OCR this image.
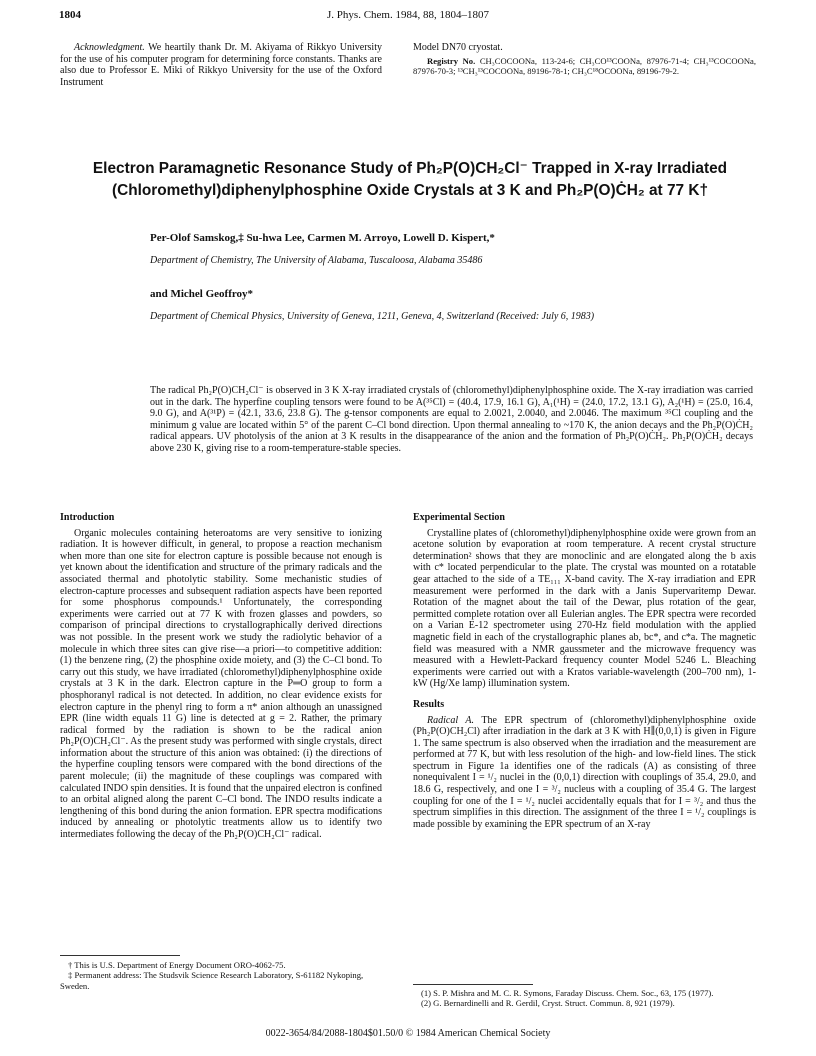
1804	J. Phys. Chem. 1984, 88, 1804–1807

Acknowledgment. We heartily thank Dr. M. Akiyama of Rikkyo University for the use of his computer program for determining force constants. Thanks are also due to Professor E. Miki of Rikkyo University for the use of the Oxford Instrument

Model DN70 cryostat.

Registry No. CH₃COCOONa, 113-24-6; CH₃CO¹³COONa, 87976-71-4; CH₃¹³COCOONa, 87976-70-3; ¹³CH₃¹³COCOONa, 89196-78-1; CH₃C¹⁸OCOONa, 89196-79-2.

Electron Paramagnetic Resonance Study of Ph₂P(O)CH₂Cl⁻ Trapped in X-ray Irradiated
(Chloromethyl)diphenylphosphine Oxide Crystals at 3 K and Ph₂P(O)ĊH₂ at 77 K†
Per-Olof Samskog,‡ Su-hwa Lee, Carmen M. Arroyo, Lowell D. Kispert,*
Department of Chemistry, The University of Alabama, Tuscaloosa, Alabama 35486
and Michel Geoffroy*
Department of Chemical Physics, University of Geneva, 1211, Geneva, 4, Switzerland (Received: July 6, 1983)
The radical Ph₂P(O)CH₂Cl⁻ is observed in 3 K X-ray irradiated crystals of (chloromethyl)diphenylphosphine oxide. The X-ray irradiation was carried out in the dark. The hyperfine coupling tensors were found to be A(³⁵Cl) = (40.4, 17.9, 16.1 G), A₁(¹H) = (24.0, 17.2, 13.1 G), A₂(¹H) = (25.0, 16.4, 9.0 G), and A(³¹P) = (42.1, 33.6, 23.8 G). The g-tensor components are equal to 2.0021, 2.0040, and 2.0046. The maximum ³⁵Cl coupling and the minimum g value are located within 5° of the parent C–Cl bond direction. Upon thermal annealing to ~170 K, the anion decays and the Ph₂P(O)ĊH₂ radical appears. UV photolysis of the anion at 3 K results in the disappearance of the anion and the formation of Ph₂P(O)ĊH₂. Ph₂P(O)ĊH₂ decays above 230 K, giving rise to a room-temperature-stable species.

Introduction

Organic molecules containing heteroatoms are very sensitive to ionizing radiation. It is however difficult, in general, to propose a reaction mechanism when more than one site for electron capture is possible because not enough is yet known about the identification and structure of the primary radicals and the associated thermal and photolytic stability. Some mechanistic studies of electron-capture processes and subsequent radiation aspects have been reported for some phosphorus compounds.¹ Unfortunately, the corresponding experiments were carried out at 77 K with frozen glasses and powders, so comparison of principal directions to crystallographically derived directions was not possible. In the present work we study the radiolytic behavior of a molecule in which three sites can give rise—a priori—to competitive addition: (1) the benzene ring, (2) the phosphine oxide moiety, and (3) the C–Cl bond. To carry out this study, we have irradiated (chloromethyl)diphenylphosphine oxide crystals at 3 K in the dark. Electron capture in the P═O group to form a phosphoranyl radical is not detected. In addition, no clear evidence exists for electron capture in the phenyl ring to form a π* anion although an unassigned EPR (line width equals 11 G) line is detected at g = 2. Rather, the primary radical formed by the radiation is shown to be the radical anion Ph₂P(O)CH₂Cl⁻. As the present study was performed with single crystals, direct information about the structure of this anion was obtained: (i) the directions of the hyperfine coupling tensors were compared with the bond directions of the parent molecule; (ii) the magnitude of these couplings was compared with calculated INDO spin densities. It is found that the unpaired electron is confined to an orbital aligned along the parent C–Cl bond. The INDO results indicate a lengthening of this bond during the anion formation. EPR spectra modifications induced by annealing or photolytic treatments allow us to identify two intermediates following the decay of the Ph₂P(O)CH₂Cl⁻ radical.

Experimental Section

Crystalline plates of (chloromethyl)diphenylphosphine oxide were grown from an acetone solution by evaporation at room temperature. A recent crystal structure determination² shows that they are monoclinic and are elongated along the b axis with c* located perpendicular to the plate. The crystal was mounted on a rotatable gear attached to the side of a TE₁₁₁ X-band cavity. The X-ray irradiation and EPR measurement were performed in the dark with a Janis Supervaritemp Dewar. Rotation of the magnet about the tail of the Dewar, plus rotation of the gear, permitted complete rotation over all Eulerian angles. The EPR spectra were recorded on a Varian E-12 spectrometer using 270-Hz field modulation with the applied magnetic field in each of the crystallographic planes ab, bc*, and c*a. The magnetic field was measured with a NMR gaussmeter and the microwave frequency was measured with a Hewlett-Packard frequency counter Model 5246 L. Bleaching experiments were carried out with a Kratos variable-wavelength (200–700 nm), 1-kW (Hg/Xe lamp) illumination system.

Results

Radical A. The EPR spectrum of (chloromethyl)diphenylphosphine oxide (Ph₂P(O)CH₂Cl) after irradiation in the dark at 3 K with H∥(0,0,1) is given in Figure 1. The same spectrum is also observed when the irradiation and the measurement are performed at 77 K, but with less resolution of the high- and low-field lines. The stick spectrum in Figure 1a identifies one of the radicals (A) as consisting of three nonequivalent I = ¹/₂ nuclei in the (0,0,1) direction with couplings of 35.4, 29.0, and 18.6 G, respectively, and one I = ³/₂ nucleus with a coupling of 35.4 G. The largest coupling for one of the I = ¹/₂ nuclei accidentally equals that for I = ³/₂ and thus the spectrum simplifies in this direction. The assignment of the three I = ¹/₂ couplings is made possible by examining the EPR spectrum of an X-ray

† This is U.S. Department of Energy Document ORO-4062-75.
‡ Permanent address: The Studsvik Science Research Laboratory, S-61182 Nykoping, Sweden.
(1) S. P. Mishra and M. C. R. Symons, Faraday Discuss. Chem. Soc., 63, 175 (1977).
(2) G. Bernardinelli and R. Gerdil, Cryst. Struct. Commun. 8, 921 (1979).
0022-3654/84/2088-1804$01.50/0 © 1984 American Chemical Society
